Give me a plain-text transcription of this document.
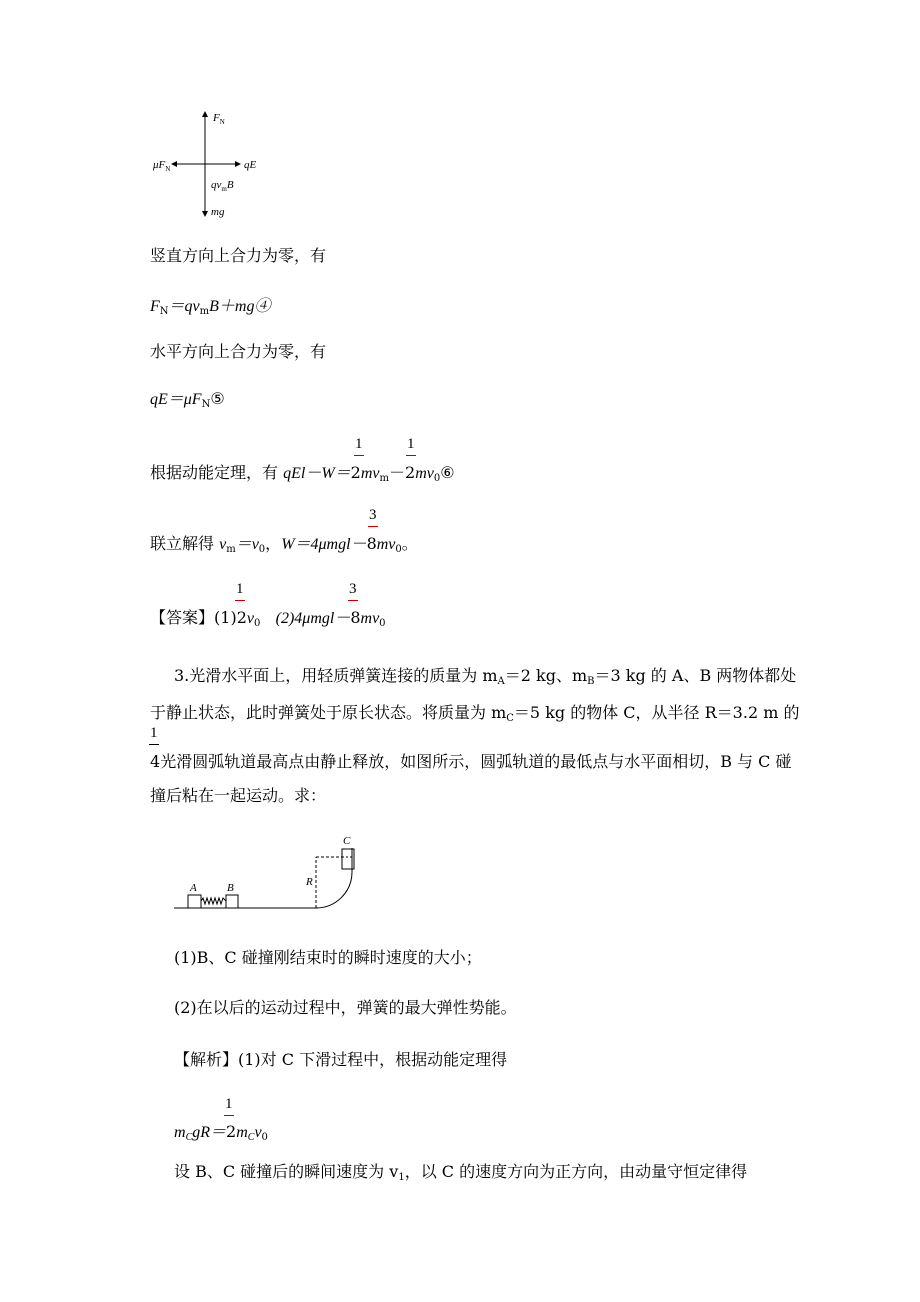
$F_N$
$\mu F_N$	qE
$qv_mB$
mg
竖直方向上合力为零，有
$F_N=qv_mB+mg④$
水平方向上合力为零，有
$qE=\mu F_N⑤$
1	1
根据动能定理，有 $qEl-W=2mv_m-2mv_0⑥$
3
联立解得 $v_m=v_0$，$W=4\mu mgl-8mv_0$。
1	3
【答案】$(1)2v_0$ $(2)4\mu mgl-8mv_0$
3.光滑水平面上，用轻质弹簧连接的质量为 $m_A=2$ kg、$m_B=3$ kg 的 A、B 两物体都处
于静止状态，此时弹簧处于原长状态。将质量为 $m_C=5$ kg 的物体 C，从半径 R＝3.2 m 的
1
4光滑圆弧轨道最高点由静止释放，如图所示，圆弧轨道的最低点与水平面相切，B 与 C 碰
撞后粘在一起运动。求：
A	B
C
R
(1)B、C 碰撞刚结束时的瞬时速度的大小；
(2)在以后的运动过程中，弹簧的最大弹性势能。
【解析】(1)对 C 下滑过程中，根据动能定理得
1
$m_CgR=2m_Cv_0$
设 B、C 碰撞后的瞬间速度为 $v_1$，以 C 的速度方向为正方向，由动量守恒定律得
